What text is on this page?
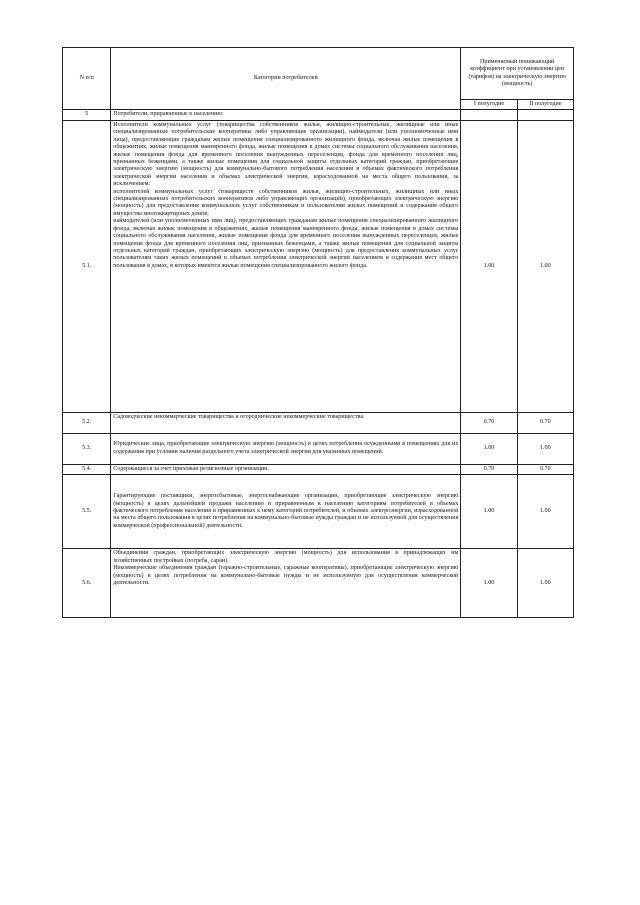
N п/п	Категории потребителей	Применяемый понижающий коэффициент при установлении цен (тарифов) на электрическую энергию (мощность)	
		I полугодие	II полугодие
5	Потребители, приравненные к населению:		
5.1.	Исполнители коммунальных услуг (товарищества собственников жилья, жилищно-строительные, жилищные или иные специализированные потребительские кооперативы либо управляющие организации), наймодатели (или уполномоченные ими лица), предоставляющие гражданам жилые помещения специализированного жилищного фонда, включая жилые помещения в общежитиях, жилые помещения маневренного фонда, жилые помещения в домах системы социального обслуживания населения, жилые помещения фонда для временного поселения вынужденных переселенцев, фонда для временного поселения лиц, признанных беженцами, а также жилые помещения для социальной защиты отдельных категорий граждан, приобретающие электрическую энергию (мощность) для коммунально-бытового потребления населения в объемах фактического потребления электрической энергии населения и объемах электрической энергии, израсходованной на места общего пользования, за исключением:

исполнителей коммунальных услуг (товариществ собственников жилья, жилищно-строительных, жилищных или иных специализированных потребительских кооперативов либо управляющих организаций), приобретающих электрическую энергию (мощность) для предоставления коммунальных услуг собственникам и пользователям жилых помещений и содержания общего имущества многоквартирных домов;

наймодателей (или уполномоченных ими лиц), предоставляющих гражданам жилые помещения специализированного жилищного фонда, включая жилые помещения в общежитиях, жилые помещения маневренного фонда, жилые помещения в домах системы социального обслуживания населения, жилые помещения фонда для временного поселения вынужденных переселенцев, жилые помещения фонда для временного поселения лиц, признанных беженцами, а также жилые помещения для социальной защиты отдельных категорий граждан, приобретающих электрическую энергию (мощность) для предоставления коммунальных услуг пользователям таких жилых помещений в объемах потребления электрической энергии населением и содержания мест общего пользования в домах, в которых имеются жилые помещения специализированного жилого фонда.	1.00	1.00
5.2.	Садоводческие некоммерческие товарищества и огороднические некоммерческие товарищества.	0.70	0.70
5.3.	Юридические лица, приобретающие электрическую энергию (мощность) в целях потребления осужденными в помещениях для их содержания при условии наличия раздельного учета электрической энергии для указанных помещений.	1.00	1.00
5.4.	Содержащиеся за счет прихожан религиозные организации.	0.70	0.70
5.5.	Гарантирующие поставщики, энергосбытовые, энергоснабжающие организации, приобретающие электрическую энергию (мощность) в целях дальнейшей продажи населению и приравненным к населению категориям потребителей в объемах фактического потребления населения и приравненных к нему категорий потребителей, и объемах электроэнергии, израсходованной на места общего пользования в целях потребления на коммунально-бытовые нужды граждан и не используемой для осуществления коммерческой (профессиональной) деятельности.	1.00	1.00
5.6.	Объединения граждан, приобретающих электрическую энергию (мощность) для использования в принадлежащих им хозяйственных постройках (погреба, сараи).

Некоммерческие объединения граждан (гаражно-строительные, гаражные кооперативы), приобретающие электрическую энергию (мощность) в целях потребления на коммунально-бытовые нужды и не используемую для осуществления коммерческой деятельности.	1.00	1.00
